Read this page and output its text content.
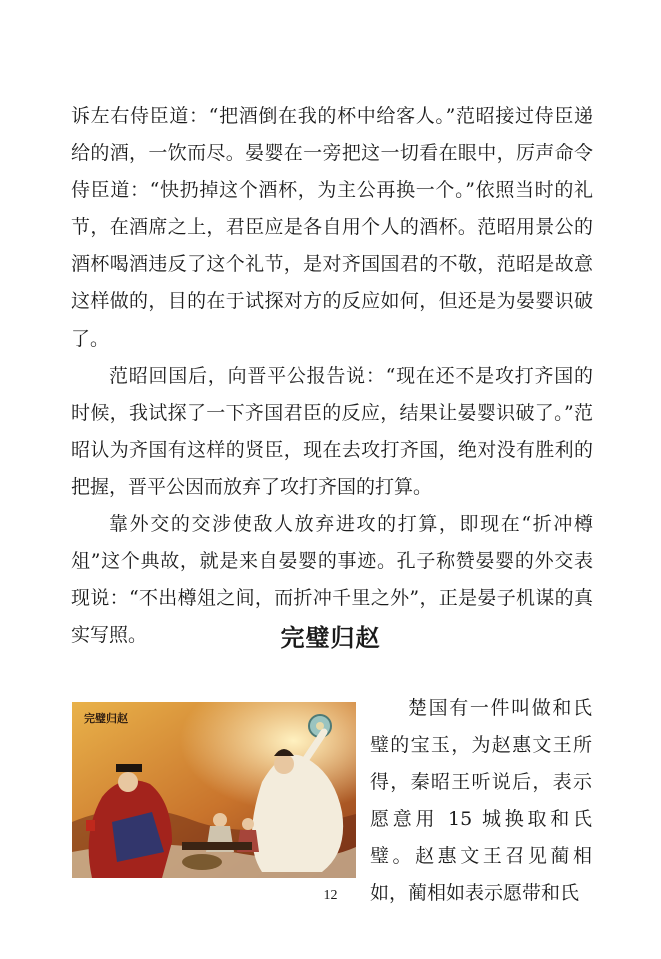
诉左右侍臣道：“把酒倒在我的杯中给客人。”范昭接过侍臣递给的酒，一饮而尽。晏婴在一旁把这一切看在眼中，厉声命令侍臣道：“快扔掉这个酒杯，为主公再换一个。”依照当时的礼节，在酒席之上，君臣应是各自用个人的酒杯。范昭用景公的酒杯喝酒违反了这个礼节，是对齐国国君的不敬，范昭是故意这样做的，目的在于试探对方的反应如何，但还是为晏婴识破了。

范昭回国后，向晋平公报告说：“现在还不是攻打齐国的时候，我试探了一下齐国君臣的反应，结果让晏婴识破了。”范昭认为齐国有这样的贤臣，现在去攻打齐国，绝对没有胜利的把握，晋平公因而放弃了攻打齐国的打算。

靠外交的交涉使敌人放弃进攻的打算，即现在“折冲樽俎”这个典故，就是来自晏婴的事迹。孔子称赞晏婴的外交表现说：“不出樽俎之间，而折冲千里之外”，正是晏子机谋的真实写照。	完璧归赵
完璧归赵	楚国有一件叫做和氏璧的宝玉，为赵惠文王所得，秦昭王听说后，表示愿意用 15 城换取和氏璧。赵惠文王召见蔺相如，蔺相如表示愿带和氏

12
